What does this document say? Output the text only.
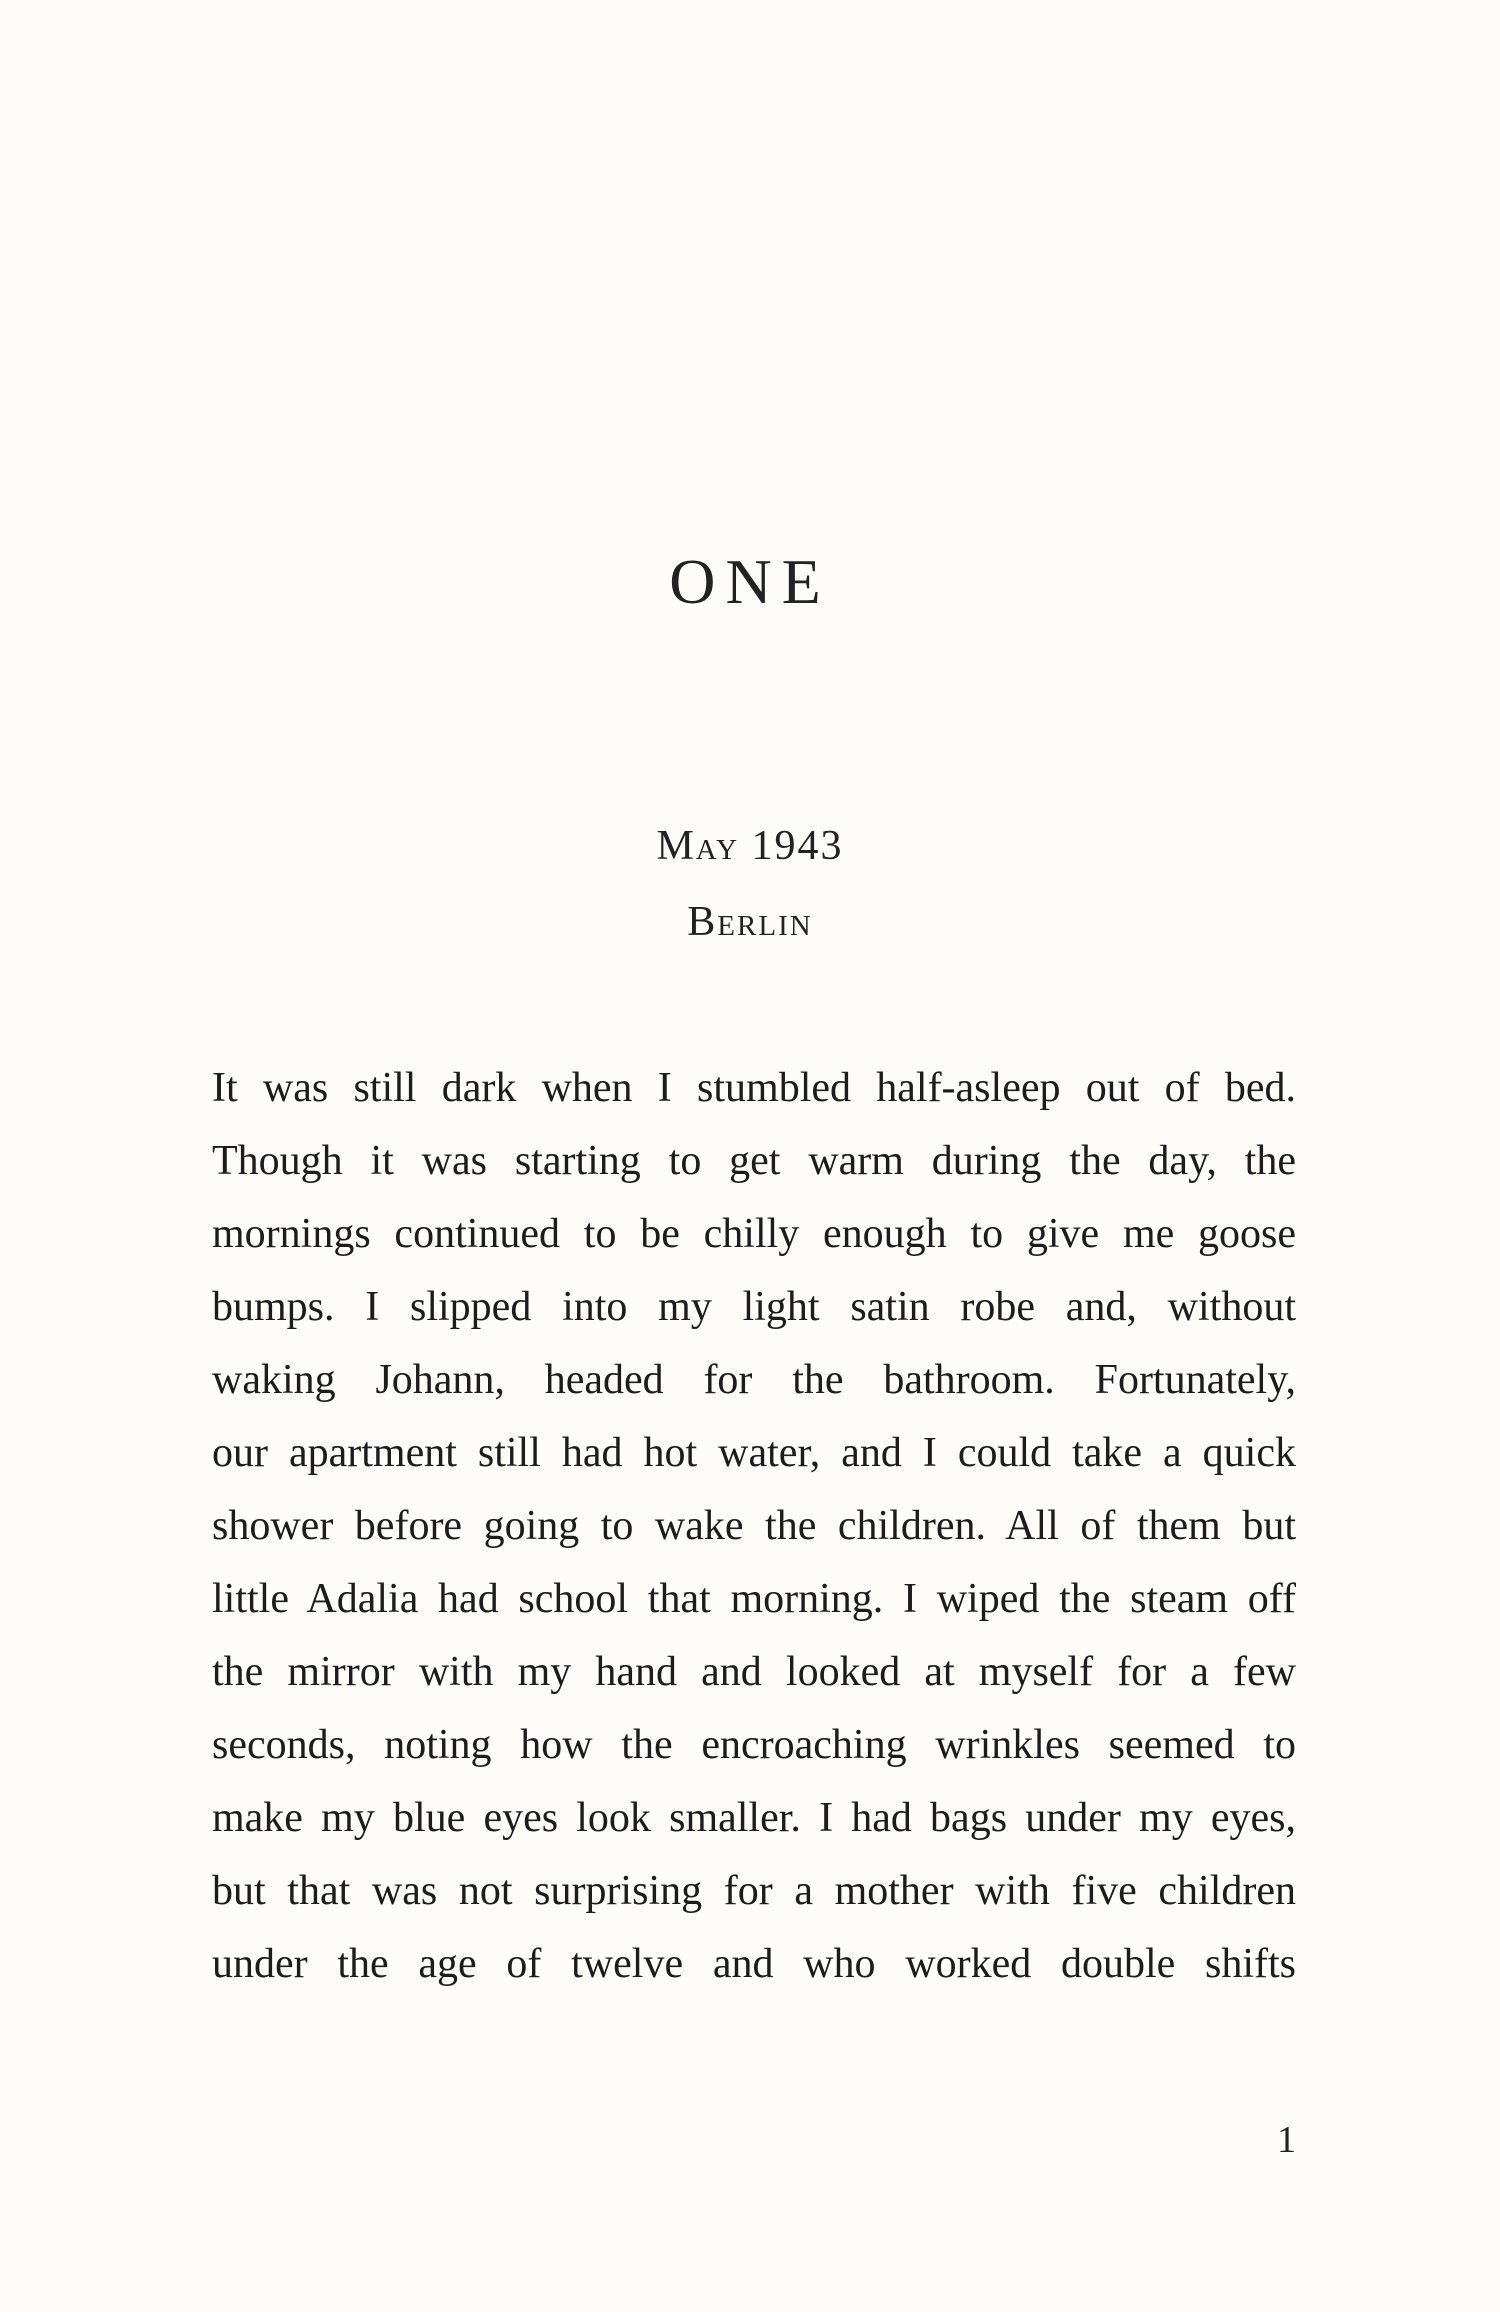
ONE
May 1943
Berlin
It was still dark when I stumbled half-asleep out of bed.
Though it was starting to get warm during the day, the
mornings continued to be chilly enough to give me goose
bumps. I slipped into my light satin robe and, without
waking Johann, headed for the bathroom. Fortunately,
our apartment still had hot water, and I could take a quick
shower before going to wake the children. All of them but
little Adalia had school that morning. I wiped the steam off
the mirror with my hand and looked at myself for a few
seconds, noting how the encroaching wrinkles seemed to
make my blue eyes look smaller. I had bags under my eyes,
but that was not surprising for a mother with five children
under the age of twelve and who worked double shifts
1
